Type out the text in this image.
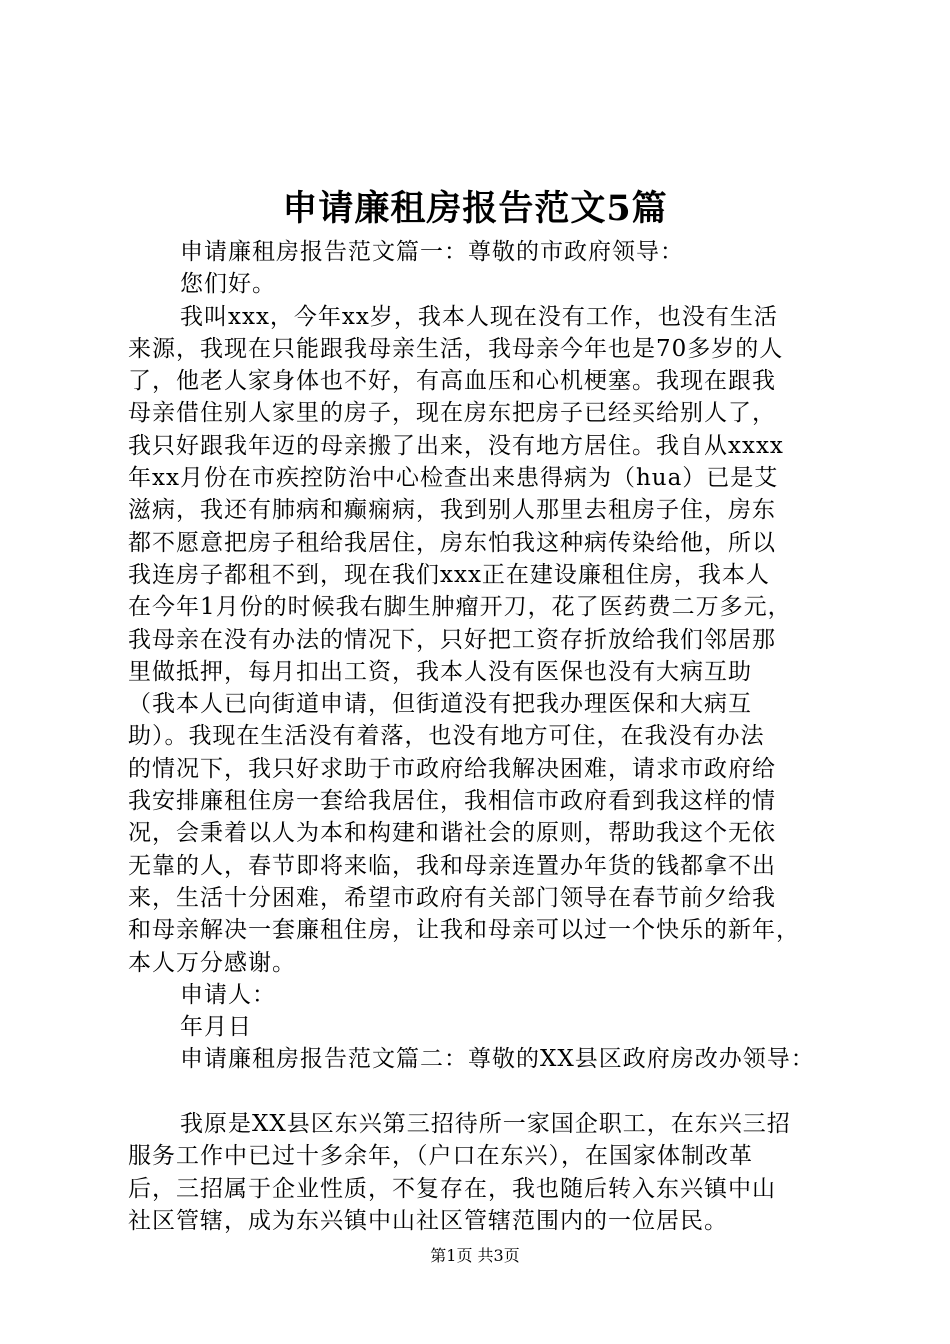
申请廉租房报告范文5篇
申请廉租房报告范文篇一：尊敬的市政府领导：
您们好。
我叫xxx，今年xx岁，我本人现在没有工作，也没有生活
来源，我现在只能跟我母亲生活，我母亲今年也是70多岁的人
了，他老人家身体也不好，有高血压和心机梗塞。我现在跟我
母亲借住别人家里的房子，现在房东把房子已经买给别人了，
我只好跟我年迈的母亲搬了出来，没有地方居住。我自从xxxx
年xx月份在市疾控防治中心检查出来患得病为（hua）已是艾
滋病，我还有肺病和癫痫病，我到别人那里去租房子住，房东
都不愿意把房子租给我居住，房东怕我这种病传染给他，所以
我连房子都租不到，现在我们xxx正在建设廉租住房，我本人
在今年1月份的时候我右脚生肿瘤开刀，花了医药费二万多元，
我母亲在没有办法的情况下，只好把工资存折放给我们邻居那
里做抵押，每月扣出工资，我本人没有医保也没有大病互助
（我本人已向街道申请，但街道没有把我办理医保和大病互
助）。我现在生活没有着落，也没有地方可住，在我没有办法
的情况下，我只好求助于市政府给我解决困难，请求市政府给
我安排廉租住房一套给我居住，我相信市政府看到我这样的情
况，会秉着以人为本和构建和谐社会的原则，帮助我这个无依
无靠的人，春节即将来临，我和母亲连置办年货的钱都拿不出
来，生活十分困难，希望市政府有关部门领导在春节前夕给我
和母亲解决一套廉租住房，让我和母亲可以过一个快乐的新年，
本人万分感谢。
申请人：
年月日
申请廉租房报告范文篇二：尊敬的XX县区政府房改办领导：
我原是XX县区东兴第三招待所一家国企职工，在东兴三招
服务工作中已过十多余年，（户口在东兴），在国家体制改革
后，三招属于企业性质，不复存在，我也随后转入东兴镇中山
社区管辖，成为东兴镇中山社区管辖范围内的一位居民。
第1页 共3页
